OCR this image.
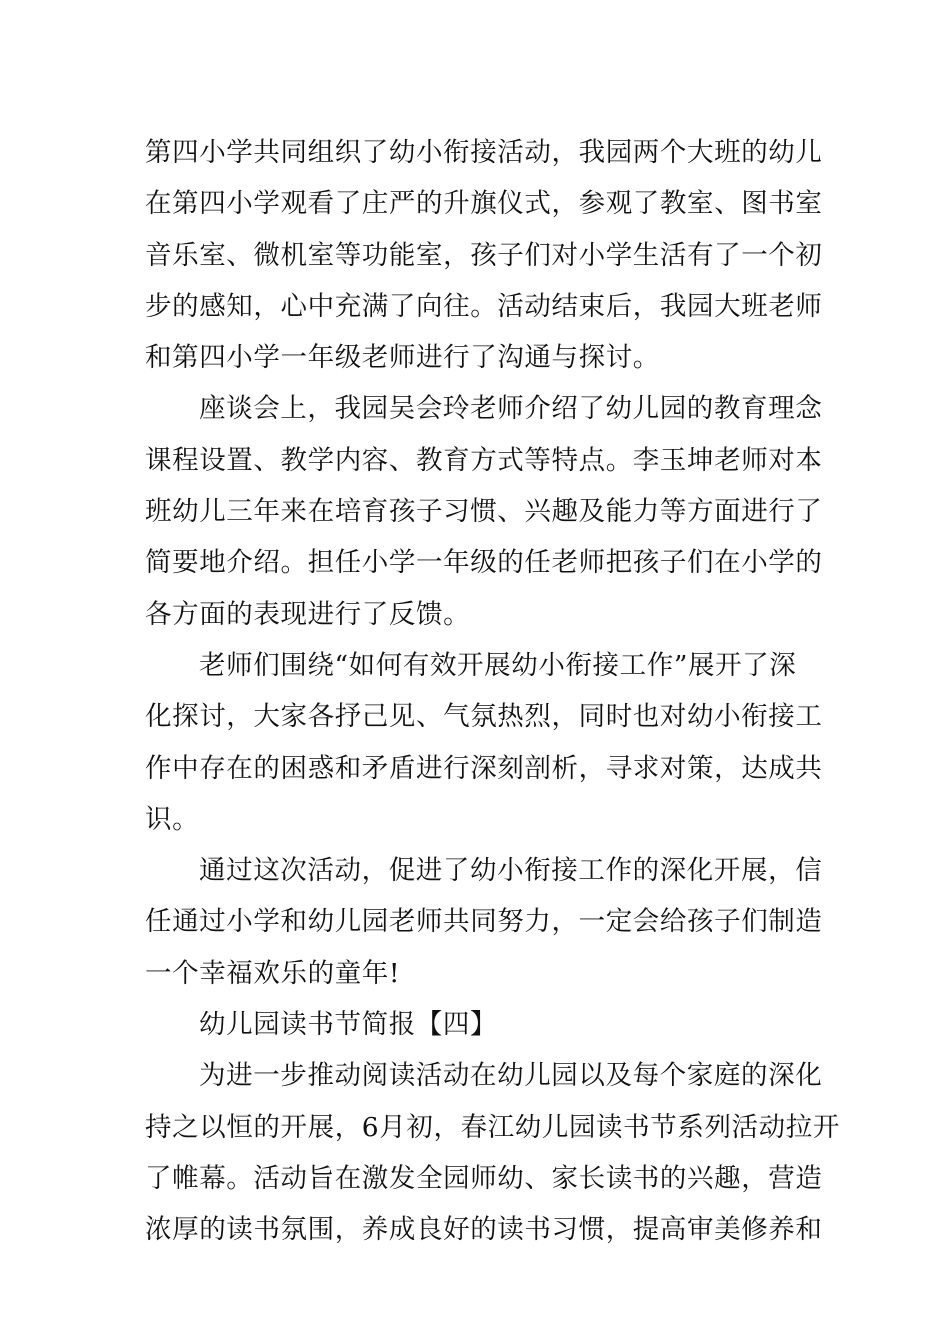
第四小学共同组织了幼小衔接活动，我园两个大班的幼儿
在第四小学观看了庄严的升旗仪式，参观了教室、图书室
音乐室、微机室等功能室，孩子们对小学生活有了一个初
步的感知，心中充满了向往。活动结束后，我园大班老师
和第四小学一年级老师进行了沟通与探讨。
座谈会上，我园吴会玲老师介绍了幼儿园的教育理念
课程设置、教学内容、教育方式等特点。李玉坤老师对本
班幼儿三年来在培育孩子习惯、兴趣及能力等方面进行了
简要地介绍。担任小学一年级的任老师把孩子们在小学的
各方面的表现进行了反馈。
老师们围绕“如何有效开展幼小衔接工作”展开了深
化探讨，大家各抒己见、气氛热烈，同时也对幼小衔接工
作中存在的困惑和矛盾进行深刻剖析，寻求对策，达成共
识。
通过这次活动，促进了幼小衔接工作的深化开展，信
任通过小学和幼儿园老师共同努力，一定会给孩子们制造
一个幸福欢乐的童年!
幼儿园读书节简报【四】
为进一步推动阅读活动在幼儿园以及每个家庭的深化
持之以恒的开展，6月初，春江幼儿园读书节系列活动拉开
了帷幕。活动旨在激发全园师幼、家长读书的兴趣，营造
浓厚的读书氛围，养成良好的读书习惯，提高审美修养和
